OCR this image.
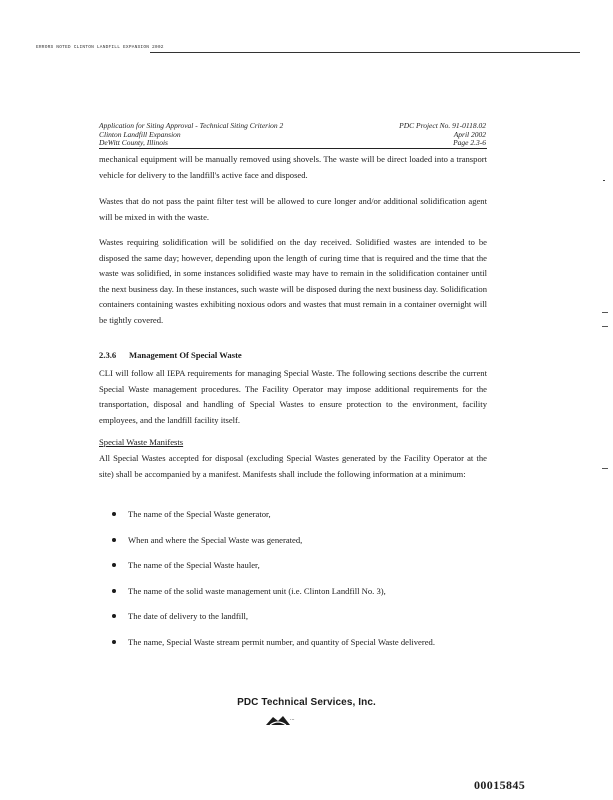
ERRORS NOTED CLINTON LANDFILL EXPANSION 2002
Application for Siting Approval - Technical Siting Criterion 2
Clinton Landfill Expansion
DeWitt County, Illinois
PDC Project No. 91-0118.02
April 2002
Page 2.3-6

mechanical equipment will be manually removed using shovels. The waste will be direct loaded into a transport vehicle for delivery to the landfill's active face and disposed.

Wastes that do not pass the paint filter test will be allowed to cure longer and/or additional solidification agent will be mixed in with the waste.

Wastes requiring solidification will be solidified on the day received. Solidified wastes are intended to be disposed the same day; however, depending upon the length of curing time that is required and the time that the waste was solidified, in some instances solidified waste may have to remain in the solidification container until the next business day. In these instances, such waste will be disposed during the next business day. Solidification containers containing wastes exhibiting noxious odors and wastes that must remain in a container overnight will be tightly covered.

2.3.6 Management Of Special Waste

CLI will follow all IEPA requirements for managing Special Waste. The following sections describe the current Special Waste management procedures. The Facility Operator may impose additional requirements for the transportation, disposal and handling of Special Wastes to ensure protection to the environment, facility employees, and the landfill facility itself.

Special Waste Manifests

All Special Wastes accepted for disposal (excluding Special Wastes generated by the Facility Operator at the site) shall be accompanied by a manifest. Manifests shall include the following information at a minimum:

The name of the Special Waste generator,
When and where the Special Waste was generated,
The name of the Special Waste hauler,
The name of the solid waste management unit (i.e. Clinton Landfill No. 3),
The date of delivery to the landfill,
The name, Special Waste stream permit number, and quantity of Special Waste delivered.
PDC Technical Services, Inc.
...
00015845
